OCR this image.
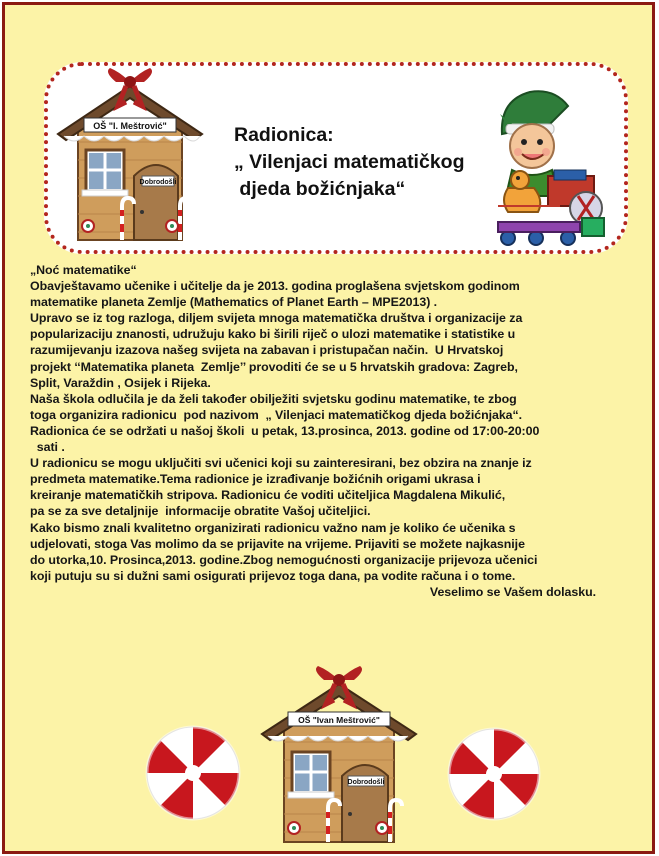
OŠ "I. Meštrović"
Dobrodošli
Radionica:
„ Vilenjaci matematičkog
djeda božićnjaka“
„Noć matematike“
Obavještavamo učenike i učitelje da je 2013. godina proglašena svjetskom godinom
matematike planeta Zemlje (Mathematics of Planet Earth – MPE2013) .
Upravo se iz tog razloga, diljem svijeta mnoga matematička društva i organizacije za
popularizaciju znanosti, udružuju kako bi širili riječ o ulozi matematike i statistike u
razumijevanju izazova našeg svijeta na zabavan i pristupačan način.  U Hrvatskoj
projekt ‘‘Matematika planeta  Zemlje’’ provoditi će se u 5 hrvatskih gradova: Zagreb,
Split, Varaždin , Osijek i Rijeka.
Naša škola odlučila je da želi također obilježiti svjetsku godinu matematike, te zbog
toga organizira radionicu  pod nazivom  „ Vilenjaci matematičkog djeda božićnjaka“.
Radionica će se održati u našoj školi  u petak, 13.prosinca, 2013. godine od 17:00-20:00
sati .
U radionicu se mogu uključiti svi učenici koji su zainteresirani, bez obzira na znanje iz
predmeta matematike.Tema radionice je izrađivanje božićnih origami ukrasa i
kreiranje matematičkih stripova. Radionicu će voditi učiteljica Magdalena Mikulić,
pa se za sve detaljnije  informacije obratite Vašoj učiteljici.
Kako bismo znali kvalitetno organizirati radionicu važno nam je koliko će učenika s
udjelovati, stoga Vas molimo da se prijavite na vrijeme. Prijaviti se možete najkasnije
do utorka,10. Prosinca,2013. godine.Zbog nemogućnosti organizacije prijevoza učenici
koji putuju su si dužni sami osigurati prijevoz toga dana, pa vodite računa i o tome.
Veselimo se Vašem dolasku.
OŠ "Ivan Meštrović"
Dobrodošli
